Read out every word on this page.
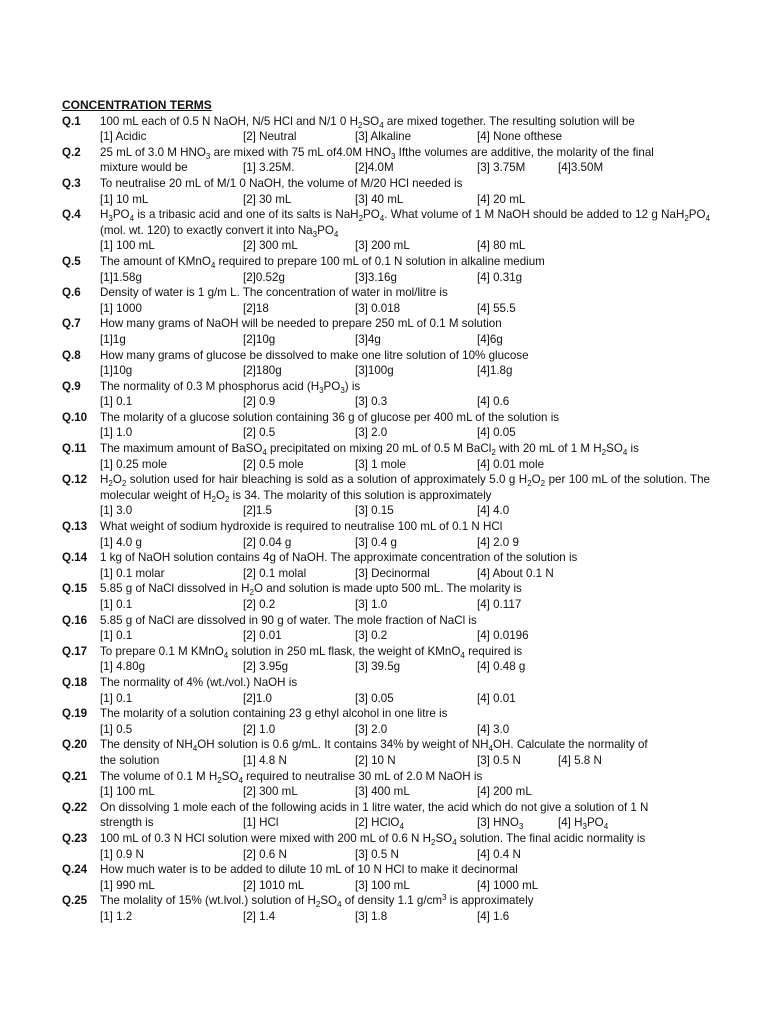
CONCENTRATION TERMS
Q.1 100 mL each of 0.5 N NaOH, N/5 HCl and N/1 0 $H_2SO_4$ are mixed together. The resulting solution will be
[1] Acidic	[2] Neutral	[3] Alkaline	[4] None ofthese
Q.2 25 mL of 3.0 M $HNO_3$ are mixed with 75 mL of4.0M $HNO_3$ Ifthe volumes are additive, the molarity of the final
mixture would be	[1] 3.25M.	[2]4.0M	[3] 3.75M	[4]3.50M
Q.3 To neutralise 20 mL of M/1 0 NaOH, the volume of M/20 HCl needed is
[1] 10 mL	[2] 30 mL	[3] 40 mL	[4] 20 mL
Q.4 $H_3PO_4$ is a tribasic acid and one of its salts is $NaH_2PO_4$. What volume of 1 M NaOH should be added to 12 g $NaH_2PO_4$ (mol. wt. 120) to exactly convert it into $Na_3PO_4$
[1] 100 mL	[2] 300 mL	[3] 200 mL	[4] 80 mL
Q.5 The amount of KMnO$_4$ required to prepare 100 mL of 0.1 N solution in alkaline medium
[1]1.58g	[2]0.52g	[3]3.16g	[4] 0.31g
Q.6 Density of water is 1 g/m L. The concentration of water in mol/litre is
[1] 1000	[2]18	[3] 0.018	[4] 55.5
Q.7 How many grams of NaOH will be needed to prepare 250 mL of 0.1 M solution
[1]1g	[2]10g	[3]4g	[4]6g
Q.8 How many grams of glucose be dissolved to make one litre solution of 10% glucose
[1]10g	[2]180g	[3]100g	[4]1.8g
Q.9 The normality of 0.3 M phosphorus acid $(H_3PO_3)$ is
[1] 0.1	[2] 0.9	[3] 0.3	[4] 0.6
Q.10 The molarity of a glucose solution containing 36 g of glucose per 400 mL of the solution is
[1] 1.0	[2] 0.5	[3] 2.0	[4] 0.05
Q.11 The maximum amount of BaSO$_4$ precipitated on mixing 20 mL of 0.5 M BaCl$_2$ with 20 mL of 1 M $H_2SO_4$ is
[1] 0.25 mole	[2] 0.5 mole	[3] 1 mole	[4] 0.01 mole
Q.12 $H_2O_2$ solution used for hair bleaching is sold as a solution of approximately 5.0 g $H_2O_2$ per 100 mL of the solution. The molecular weight of $H_2O_2$ is 34. The molarity of this solution is approximately
[1] 3.0	[2]1.5	[3] 0.15	[4] 4.0
Q.13 What weight of sodium hydroxide is required to neutralise 100 mL of 0.1 N HCl
[1] 4.0 g	[2] 0.04 g	[3] 0.4 g	[4] 2.0 9
Q.14 1 kg of NaOH solution contains 4g of NaOH. The approximate concentration of the solution is
[1] 0.1 molar	[2] 0.1 molal	[3] Decinormal	[4] About 0.1 N
Q.15 5.85 g of NaCl dissolved in $H_2O$ and solution is made upto 500 mL. The molarity is
[1] 0.1	[2] 0.2	[3] 1.0	[4] 0.117
Q.16 5.85 g of NaCl are dissolved in 90 g of water. The mole fraction of NaCl is
[1] 0.1	[2] 0.01	[3] 0.2	[4] 0.0196
Q.17 To prepare 0.1 M KMnO$_4$ solution in 250 mL flask, the weight of KMnO$_4$ required is
[1] 4.80g	[2] 3.95g	[3] 39.5g	[4] 0.48 g
Q.18 The normality of 4% (wt./vol.) NaOH is
[1] 0.1	[2]1.0	[3] 0.05	[4] 0.01
Q.19 The molarity of a solution containing 23 g ethyl alcohol in one litre is
[1] 0.5	[2] 1.0	[3] 2.0	[4] 3.0
Q.20 The density of $NH_4OH$ solution is 0.6 g/mL. It contains 34% by weight of $NH_4OH$. Calculate the normality of
the solution	[1] 4.8 N	[2] 10 N	[3] 0.5 N	[4] 5.8 N
Q.21 The volume of 0.1 M $H_2SO_4$ required to neutralise 30 mL of 2.0 M NaOH is
[1] 100 mL	[2] 300 mL	[3] 400 mL	[4] 200 mL
Q.22 On dissolving 1 mole each of the following acids in 1 litre water, the acid which do not give a solution of 1 N
strength is	[1] HCl	[2] HClO$_4$	[3] $HNO_3$	[4] $H_3PO_4$
Q.23 100 mL of 0.3 N HCl solution were mixed with 200 mL of 0.6 N $H_2SO_4$ solution. The final acidic normality is
[1] 0.9 N	[2] 0.6 N	[3] 0.5 N	[4] 0.4 N
Q.24 How much water is to be added to dilute 10 mL of 10 N HCl to make it decinormal
[1] 990 mL	[2] 1010 mL	[3] 100 mL	[4] 1000 mL
Q.25 The molality of 15% (wt.lvol.) solution of $H_2SO_4$ of density 1.1 $g/cm^3$ is approximately
[1] 1.2	[2] 1.4	[3] 1.8	[4] 1.6
